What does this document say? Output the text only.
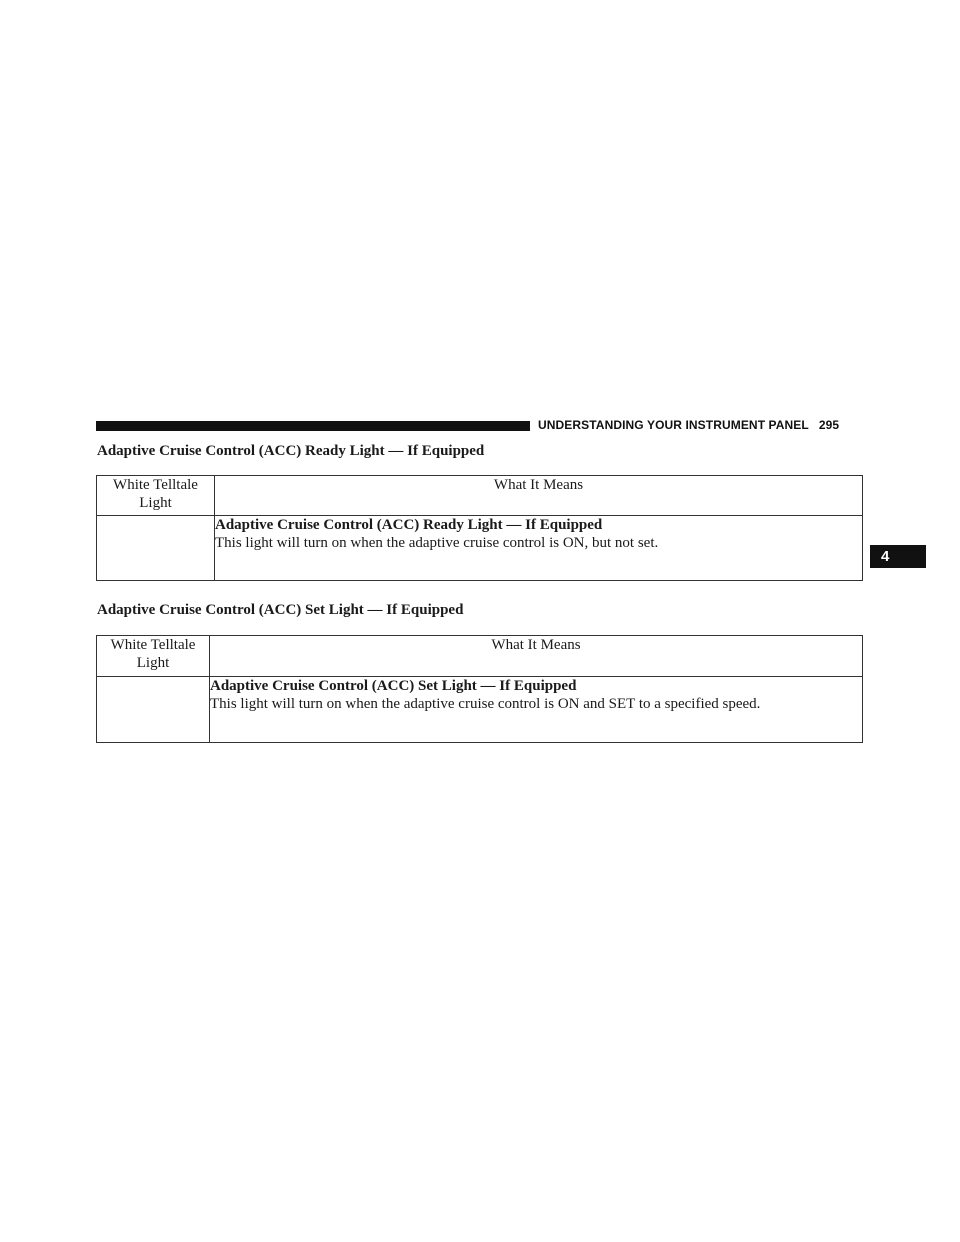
UNDERSTANDING YOUR INSTRUMENT PANEL 295
4
Adaptive Cruise Control (ACC) Ready Light — If Equipped
White Telltale
Light	What It Means

	Adaptive Cruise Control (ACC) Ready Light — If Equipped
This light will turn on when the adaptive cruise control is ON, but not set.
Adaptive Cruise Control (ACC) Set Light — If Equipped
White Telltale
Light	What It Means

	Adaptive Cruise Control (ACC) Set Light — If Equipped
This light will turn on when the adaptive cruise control is ON and SET to a specified speed.
